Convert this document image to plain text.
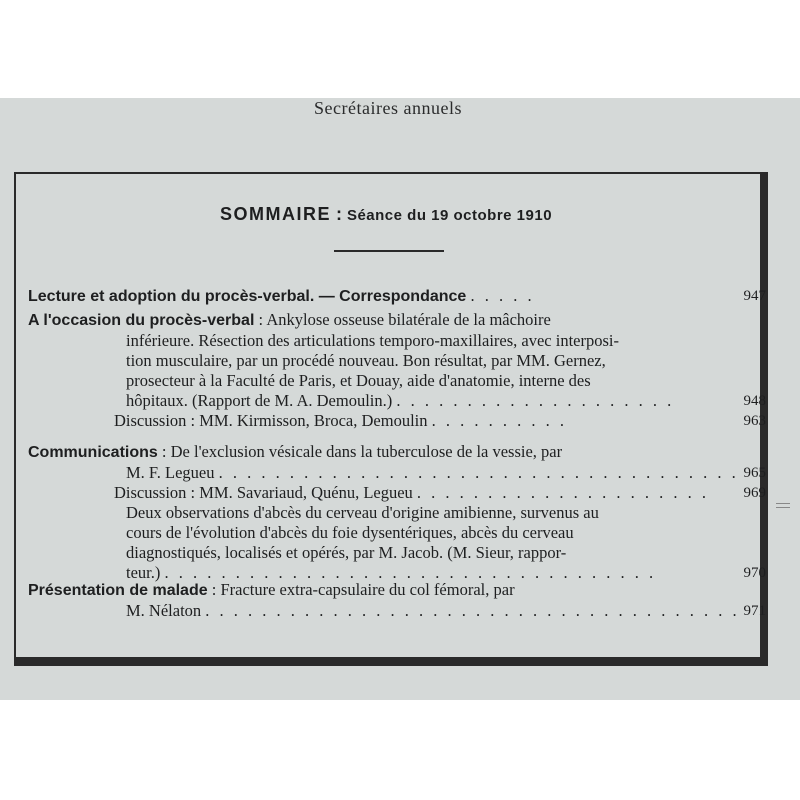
Secrétaires annuels
SOMMAIRE : Séance du 19 octobre 1910
Lecture et adoption du procès-verbal. — Correspondance . . . . .	947
A l'occasion du procès-verbal : Ankylose osseuse bilatérale de la mâchoire
inférieure. Résection des articulations temporo-maxillaires, avec interposi-
tion musculaire, par un procédé nouveau. Bon résultat, par MM. Gernez,
prosecteur à la Faculté de Paris, et Douay, aide d'anatomie, interne des
hôpitaux. (Rapport de M. A. Demoulin.) . . . . . . . . . . . . . . . . . . . .	948
Discussion : MM. Kirmisson, Broca, Demoulin . . . . . . . . . .	963
Communications : De l'exclusion vésicale dans la tuberculose de la vessie, par
M. F. Legueu . . . . . . . . . . . . . . . . . . . . . . . . . . . . . . . . . . . . . 965
Discussion : MM. Savariaud, Quénu, Legueu . . . . . . . . . . . . . . . . . . . . . 969
Deux observations d'abcès du cerveau d'origine amibienne, survenus au
cours de l'évolution d'abcès du foie dysentériques, abcès du cerveau
diagnostiqués, localisés et opérés, par M. Jacob. (M. Sieur, rappor-
teur.) . . . . . . . . . . . . . . . . . . . . . . . . . . . . . . . . . . .	970
Présentation de malade : Fracture extra-capsulaire du col fémoral, par
M. Nélaton . . . . . . . . . . . . . . . . . . . . . . . . . . . . . . . . . . . . . . 971
